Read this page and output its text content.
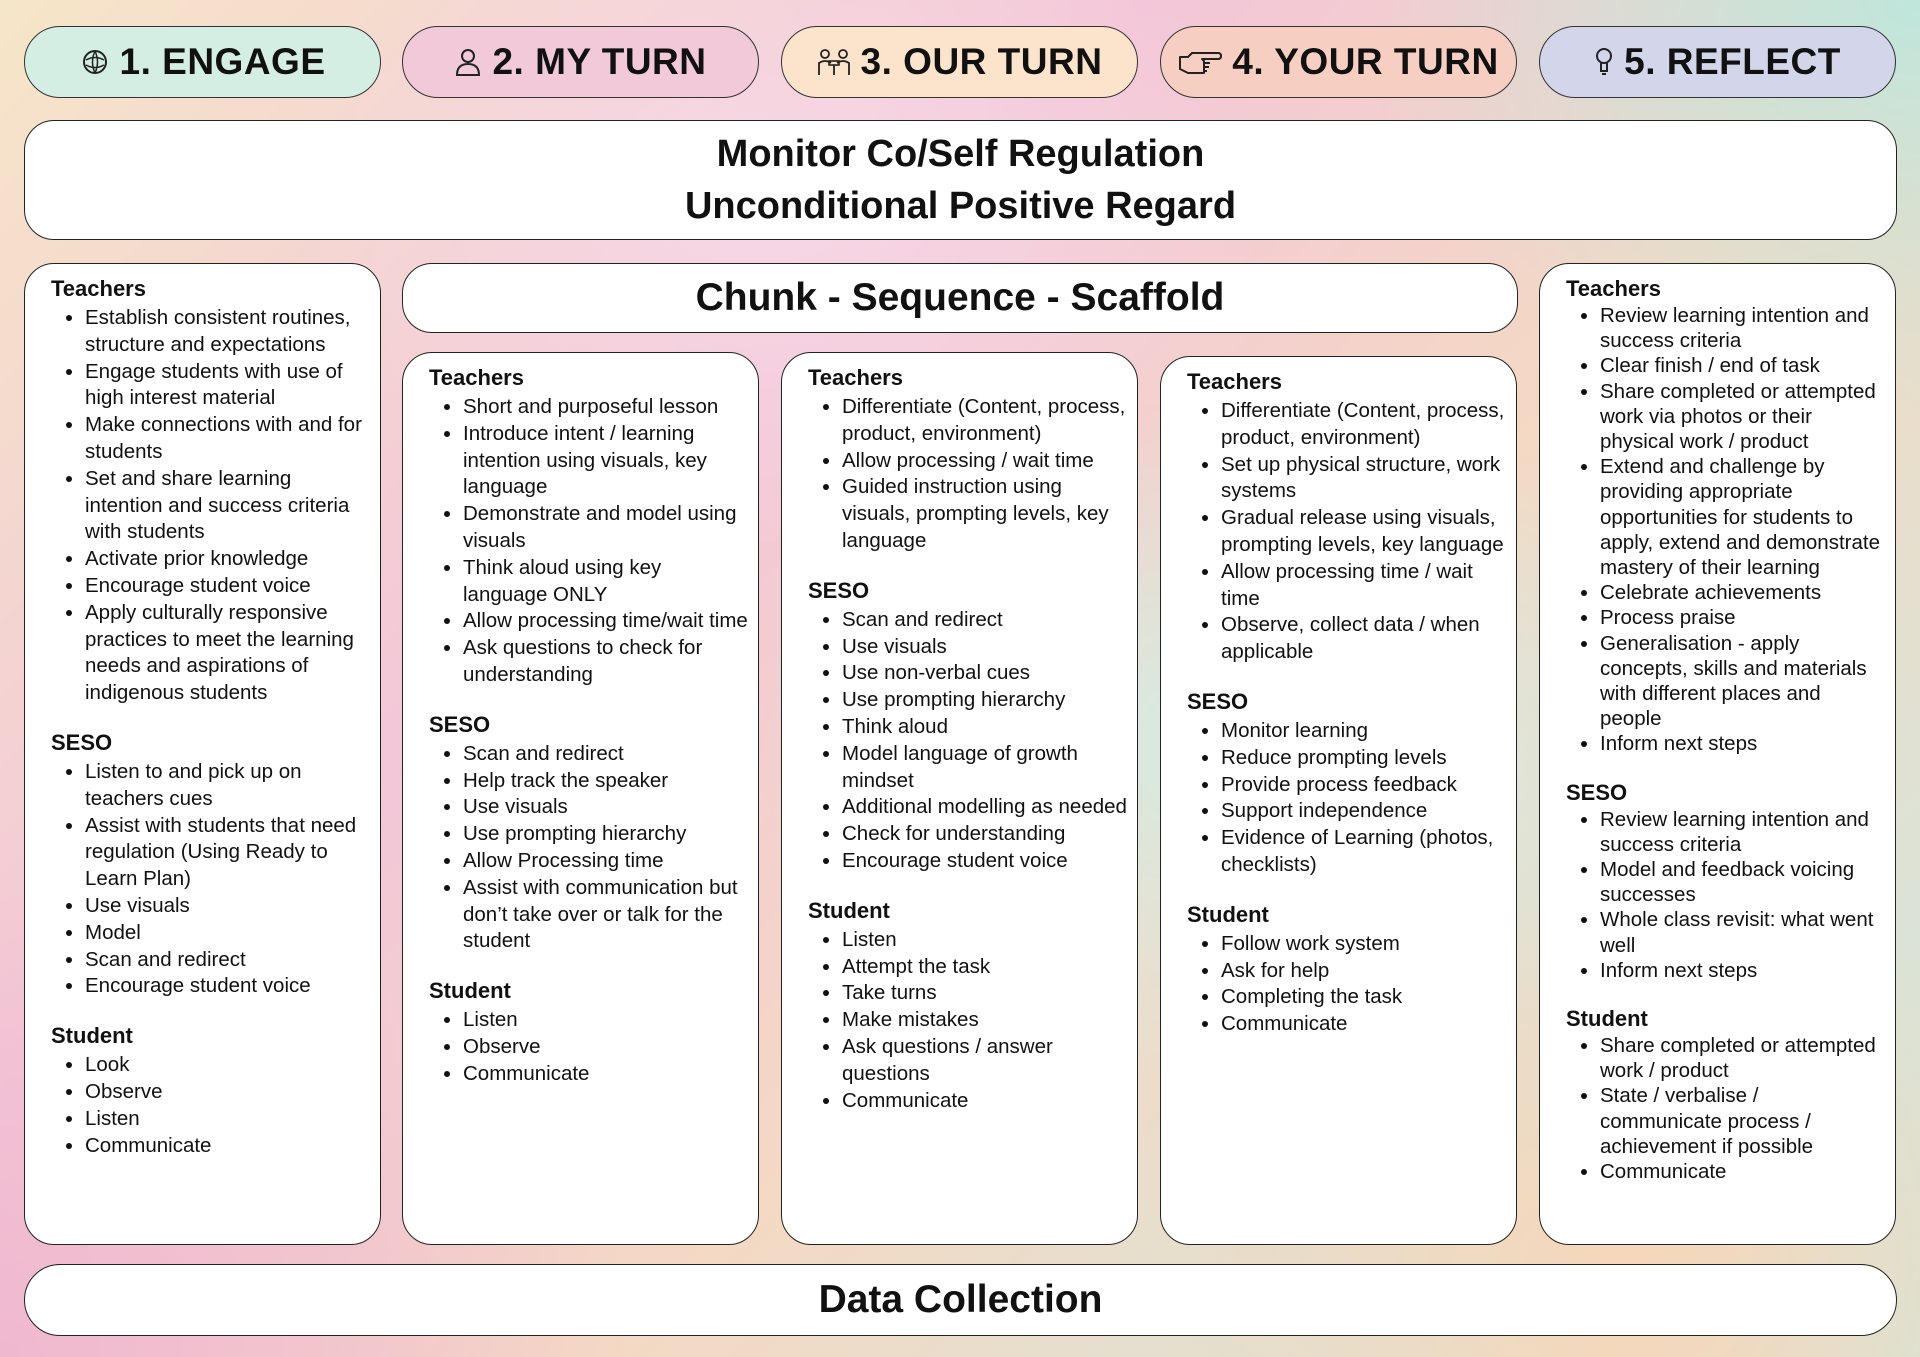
1. ENGAGE	2. MY TURN	3. OUR TURN	4. YOUR TURN	5. REFLECT
Monitor Co/Self Regulation
Unconditional Positive Regard
Chunk - Sequence - Scaffold
Teachers
• Establish consistent routines, structure and expectations
• Engage students with use of high interest material
• Make connections with and for students
• Set and share learning intention and success criteria with students
• Activate prior knowledge
• Encourage student voice
• Apply culturally responsive practices to meet the learning needs and aspirations of indigenous students
SESO
• Listen to and pick up on teachers cues
• Assist with students that need regulation (Using Ready to Learn Plan)
• Use visuals
• Model
• Scan and redirect
• Encourage student voice
Student
• Look
• Observe
• Listen
• Communicate
Teachers
• Short and purposeful lesson
• Introduce intent / learning intention using visuals, key language
• Demonstrate and model using visuals
• Think aloud using key language ONLY
• Allow processing time/wait time
• Ask questions to check for understanding
SESO
• Scan and redirect
• Help track the speaker
• Use visuals
• Use prompting hierarchy
• Allow Processing time
• Assist with communication but don’t take over or talk for the student
Student
• Listen
• Observe
• Communicate
Teachers
• Differentiate (Content, process, product, environment)
• Allow processing / wait time
• Guided instruction using visuals, prompting levels, key language
SESO
• Scan and redirect
• Use visuals
• Use non-verbal cues
• Use prompting hierarchy
• Think aloud
• Model language of growth mindset
• Additional modelling as needed
• Check for understanding
• Encourage student voice
Student
• Listen
• Attempt the task
• Take turns
• Make mistakes
• Ask questions / answer questions
• Communicate
Teachers
• Differentiate (Content, process, product, environment)
• Set up physical structure, work systems
• Gradual release using visuals, prompting levels, key language
• Allow processing time / wait time
• Observe, collect data / when applicable
SESO
• Monitor learning
• Reduce prompting levels
• Provide process feedback
• Support independence
• Evidence of Learning (photos, checklists)
Student
• Follow work system
• Ask for help
• Completing the task
• Communicate
Teachers
• Review learning intention and success criteria
• Clear finish / end of task
• Share completed or attempted work via photos or their physical work / product
• Extend and challenge by providing appropriate opportunities for students to apply, extend and demonstrate mastery of their learning
• Celebrate achievements
• Process praise
• Generalisation - apply concepts, skills and materials with different places and people
• Inform next steps
SESO
• Review learning intention and success criteria
• Model and feedback voicing successes
• Whole class revisit: what went well
• Inform next steps
Student
• Share completed or attempted work / product
• State / verbalise / communicate process / achievement if possible
• Communicate
Data Collection
